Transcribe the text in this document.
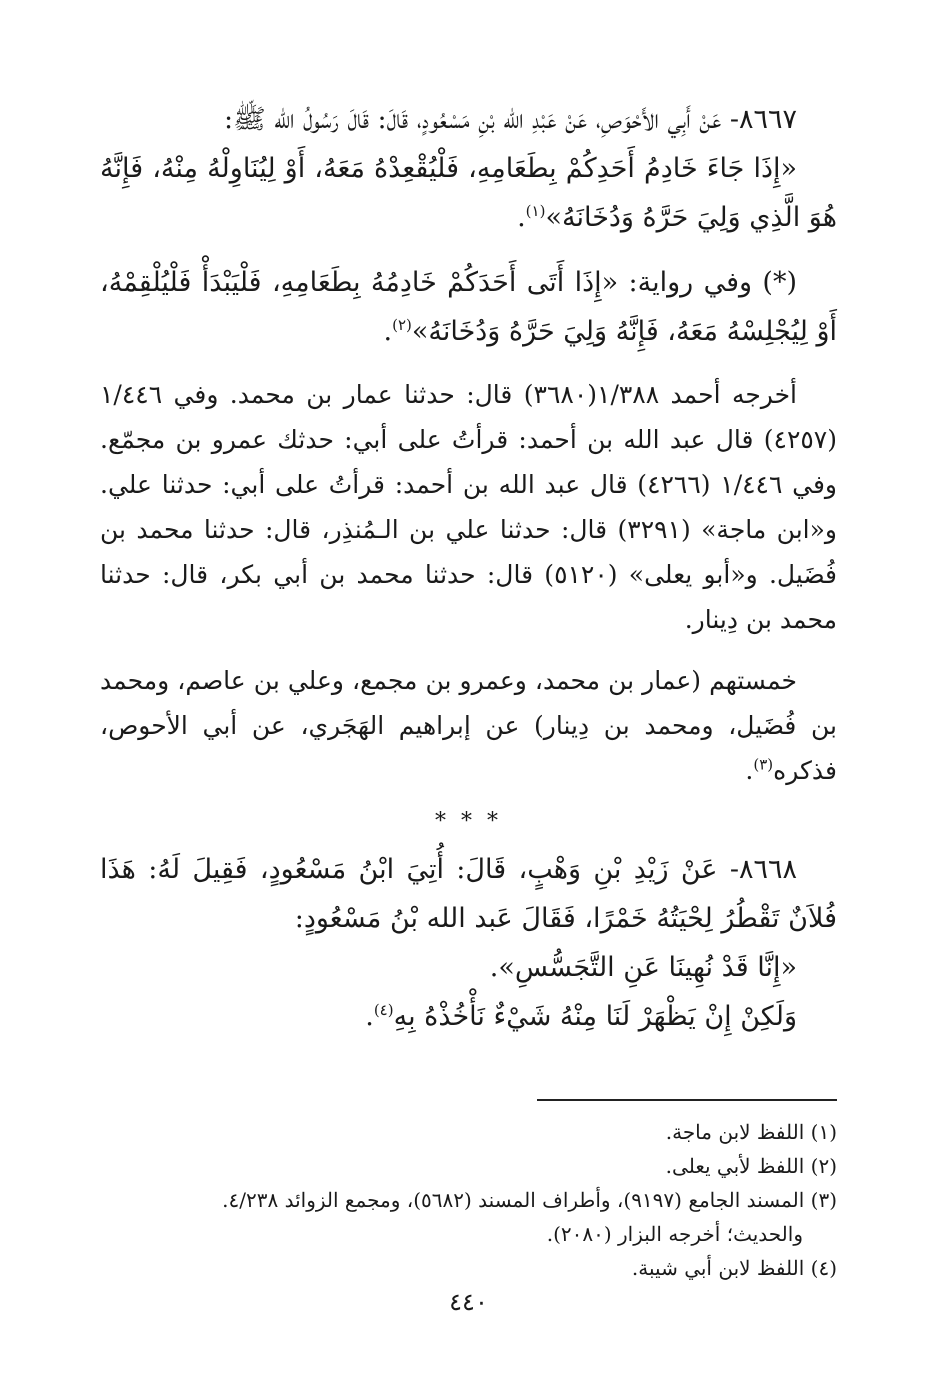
٨٦٦٧- عَنْ أَبِي الأَحْوَصِ، عَنْ عَبْدِ الله بْنِ مَسْعُودٍ، قَالَ: قَالَ رَسُولُ الله ﷺ:

«إِذَا جَاءَ خَادِمُ أَحَدِكُمْ بِطَعَامِهِ، فَلْيُقْعِدْهُ مَعَهُ، أَوْ لِيُنَاوِلْهُ مِنْهُ، فَإِنَّهُ هُوَ الَّذِي وَلِيَ حَرَّهُ وَدُخَانَهُ»$^{(١)}$.

(*) وفي رواية: «إِذَا أَتَى أَحَدَكُمْ خَادِمُهُ بِطَعَامِهِ، فَلْيَبْدَأْ فَلْيُلْقِمْهُ، أَوْ لِيُجْلِسْهُ مَعَهُ، فَإِنَّهُ وَلِيَ حَرَّهُ وَدُخَانَهُ»$^{(٢)}$.

أخرجه أحمد ١/٣٨٨(٣٦٨٠) قال: حدثنا عمار بن محمد. وفي ١/٤٤٦ (٤٢٥٧) قال عبد الله بن أحمد: قرأتُ على أبي: حدثك عمرو بن مجمّع. وفي ١/٤٤٦ (٤٢٦٦) قال عبد الله بن أحمد: قرأتُ على أبي: حدثنا علي. و«ابن ماجة» (٣٢٩١) قال: حدثنا علي بن الـمُنذِر، قال: حدثنا محمد بن فُضَيل. و«أبو يعلى» (٥١٢٠) قال: حدثنا محمد بن أبي بكر، قال: حدثنا محمد بن دِينار.

خمستهم (عمار بن محمد، وعمرو بن مجمع، وعلي بن عاصم، ومحمد بن فُضَيل، ومحمد بن دِينار) عن إبراهيم الهَجَري، عن أبي الأحوص، فذكره$^{(٣)}$.

* * *

٨٦٦٨- عَنْ زَيْدِ بْنِ وَهْبٍ، قَالَ: أُتِيَ ابْنُ مَسْعُودٍ، فَقِيلَ لَهُ: هَذَا فُلاَنٌ تَقْطُرُ لِحْيَتُهُ خَمْرًا، فَقَالَ عَبد الله بْنُ مَسْعُودٍ:

«إِنَّا قَدْ نُهِينَا عَنِ التَّجَسُّسِ».

وَلَكِنْ إِنْ يَظْهَرْ لَنَا مِنْهُ شَيْءٌ نَأْخُذْهُ بِهِ$^{(٤)}$.

(١) اللفظ لابن ماجة.

(٢) اللفظ لأبي يعلى.

(٣) المسند الجامع (٩١٩٧)، وأطراف المسند (٥٦٨٢)، ومجمع الزوائد ٤/٢٣٨.

والحديث؛ أخرجه البزار (٢٠٨٠).

(٤) اللفظ لابن أبي شيبة.

٤٤٠
